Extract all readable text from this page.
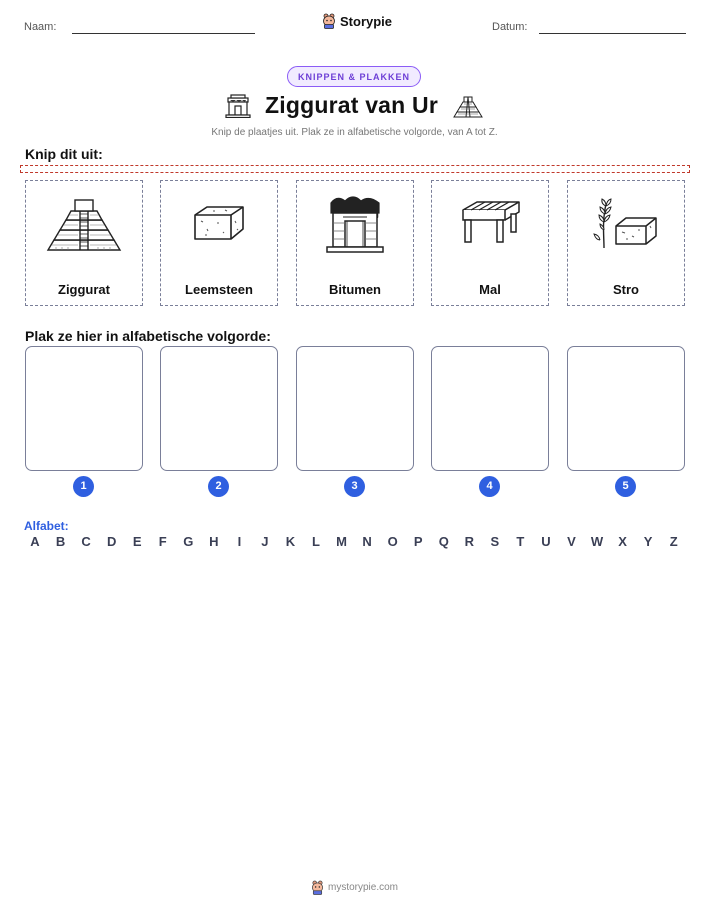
Naam:	Storypie	Datum:
KNIPPEN & PLAKKEN
Ziggurat van Ur
Knip de plaatjes uit. Plak ze in alfabetische volgorde, van A tot Z.
Knip dit uit:
Ziggurat	Leemsteen	Bitumen	Mal	Stro
Plak ze hier in alfabetische volgorde:
1	2	3	4	5
Alfabet:
A	B	C	D	E	F	G	H	I	J	K	L	M	N	O	P	Q	R	S	T	U	V	W	X	Y	Z
mystorypie.com
